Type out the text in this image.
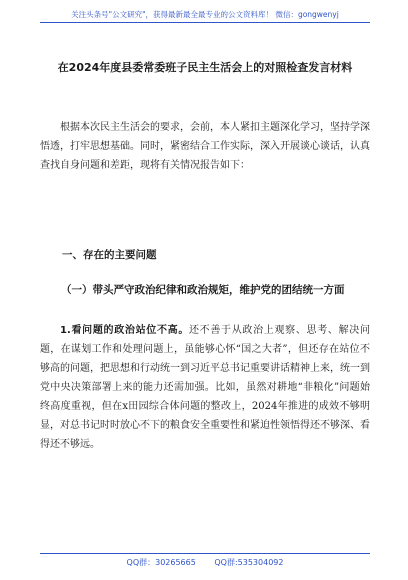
关注头条号"公文研究"，获得最新最全最专业的公文资料库！ 微信：gongwenyj
在2024年度县委常委班子民主生活会上的对照检查发言材料
根据本次民主生活会的要求，会前，本人紧扣主题深化学习，坚持学深悟透，打牢思想基础。同时，紧密结合工作实际，深入开展谈心谈话，认真查找自身问题和差距，现将有关情况报告如下：
一、存在的主要问题
（一）带头严守政治纪律和政治规矩，维护党的团结统一方面
1.看问题的政治站位不高。还不善于从政治上观察、思考、解决问题，在谋划工作和处理问题上，虽能够心怀“国之大者”，但还存在站位不够高的问题，把思想和行动统一到习近平总书记重要讲话精神上来，统一到党中央决策部署上来的能力还需加强。比如，虽然对耕地“非粮化”问题始终高度重视，但在x田园综合体问题的整改上，2024年推进的成效不够明显，对总书记时时放心不下的粮食安全重要性和紧迫性领悟得还不够深、看得还不够远。
QQ群：30265665 QQ群:535304092
